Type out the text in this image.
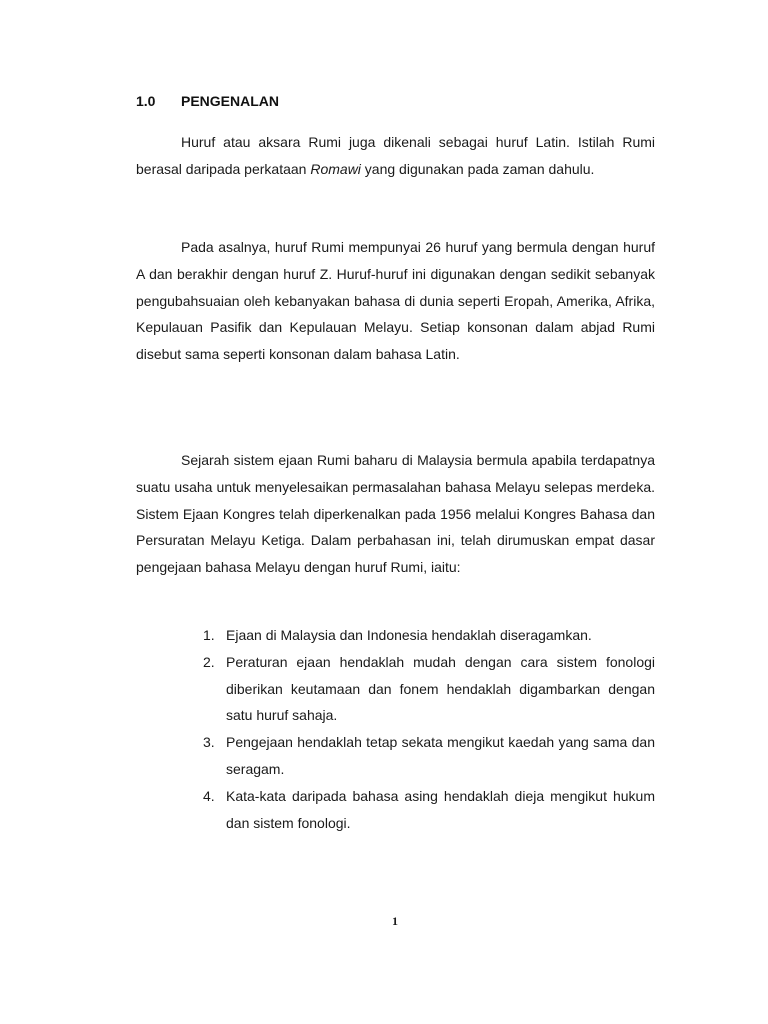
1.0 PENGENALAN

Huruf atau aksara Rumi juga dikenali sebagai huruf Latin. Istilah Rumi berasal daripada perkataan Romawi yang digunakan pada zaman dahulu.

Pada asalnya, huruf Rumi mempunyai 26 huruf yang bermula dengan huruf A dan berakhir dengan huruf Z. Huruf-huruf ini digunakan dengan sedikit sebanyak pengubahsuaian oleh kebanyakan bahasa di dunia seperti Eropah, Amerika, Afrika, Kepulauan Pasifik dan Kepulauan Melayu. Setiap konsonan dalam abjad Rumi disebut sama seperti konsonan dalam bahasa Latin.

Sejarah sistem ejaan Rumi baharu di Malaysia bermula apabila terdapatnya suatu usaha untuk menyelesaikan permasalahan bahasa Melayu selepas merdeka. Sistem Ejaan Kongres telah diperkenalkan pada 1956 melalui Kongres Bahasa dan Persuratan Melayu Ketiga. Dalam perbahasan ini, telah dirumuskan empat dasar pengejaan bahasa Melayu dengan huruf Rumi, iaitu:

1. Ejaan di Malaysia dan Indonesia hendaklah diseragamkan.
2. Peraturan ejaan hendaklah mudah dengan cara sistem fonologi diberikan keutamaan dan fonem hendaklah digambarkan dengan satu huruf sahaja.
3. Pengejaan hendaklah tetap sekata mengikut kaedah yang sama dan seragam.
4. Kata-kata daripada bahasa asing hendaklah dieja mengikut hukum dan sistem fonologi.
1
